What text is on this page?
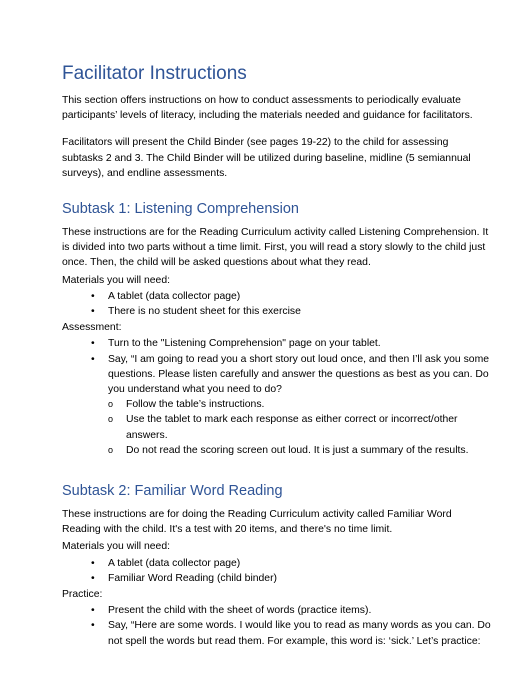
Facilitator Instructions

This section offers instructions on how to conduct assessments to periodically evaluate participants’ levels of literacy, including the materials needed and guidance for facilitators.

Facilitators will present the Child Binder (see pages 19-22) to the child for assessing subtasks 2 and 3. The Child Binder will be utilized during baseline, midline (5 semiannual surveys), and endline assessments.

Subtask 1: Listening Comprehension

These instructions are for the Reading Curriculum activity called Listening Comprehension. It is divided into two parts without a time limit. First, you will read a story slowly to the child just once. Then, the child will be asked questions about what they read.

Materials you will need:

• A tablet (data collector page)
• There is no student sheet for this exercise

Assessment:

• Turn to the "Listening Comprehension" page on your tablet.
• Say, “I am going to read you a short story out loud once, and then I’ll ask you some questions. Please listen carefully and answer the questions as best as you can. Do you understand what you need to do?
o Follow the table’s instructions.
o Use the tablet to mark each response as either correct or incorrect/other answers.
o Do not read the scoring screen out loud. It is just a summary of the results.
Subtask 2: Familiar Word Reading

These instructions are for doing the Reading Curriculum activity called Familiar Word Reading with the child. It's a test with 20 items, and there's no time limit.

Materials you will need:

• A tablet (data collector page)
• Familiar Word Reading (child binder)

Practice:

• Present the child with the sheet of words (practice items).
• Say, “Here are some words. I would like you to read as many words as you can. Do not spell the words but read them. For example, this word is: ‘sick.’ Let’s practice:
